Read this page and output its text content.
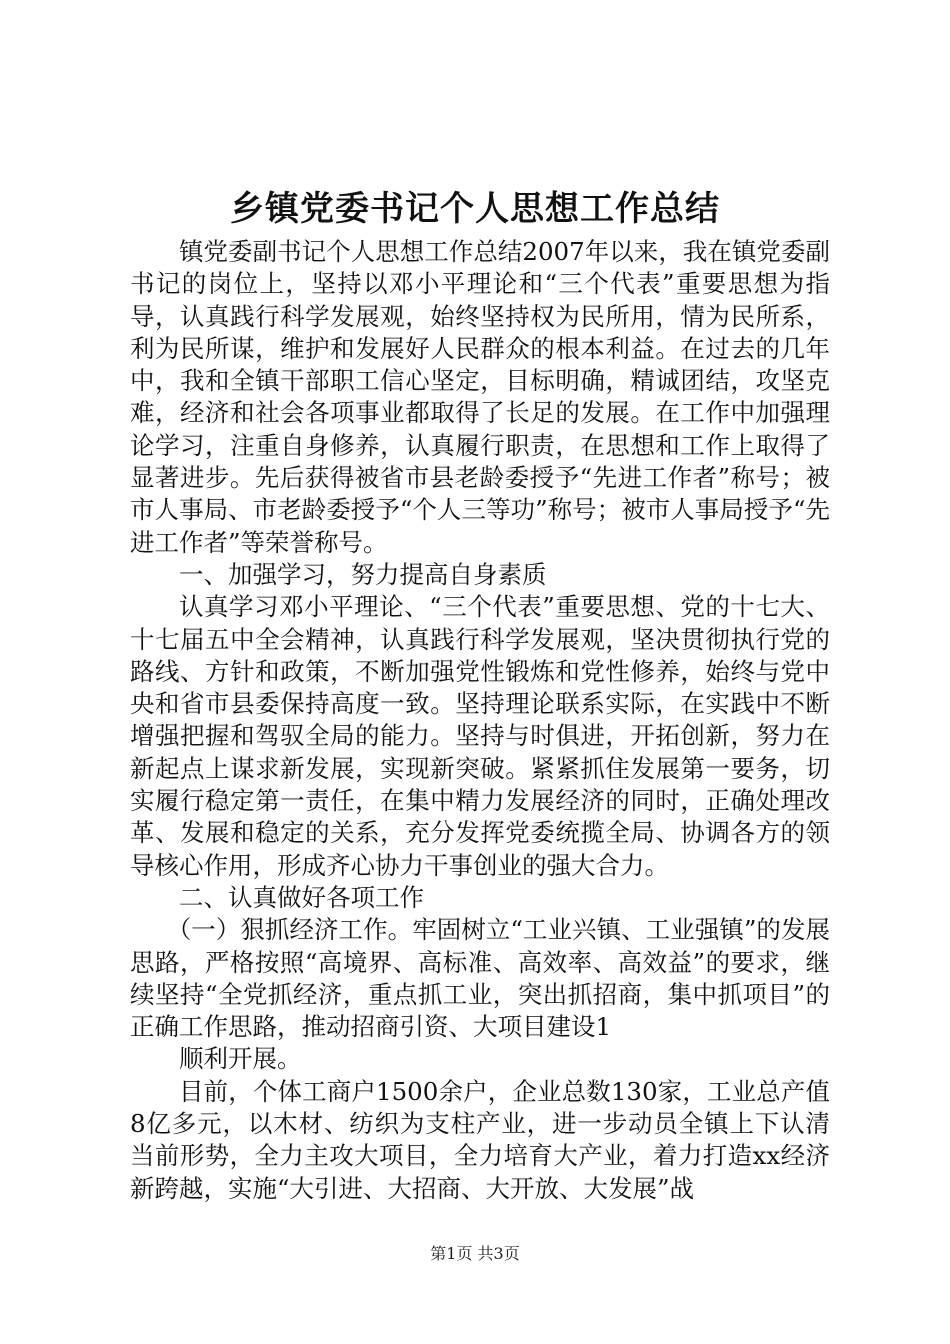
乡镇党委书记个人思想工作总结

镇党委副书记个人思想工作总结2007年以来，我在镇党委副书记的岗位上，坚持以邓小平理论和“三个代表”重要思想为指导，认真践行科学发展观，始终坚持权为民所用，情为民所系，利为民所谋，维护和发展好人民群众的根本利益。在过去的几年中，我和全镇干部职工信心坚定，目标明确，精诚团结，攻坚克难，经济和社会各项事业都取得了长足的发展。在工作中加强理论学习，注重自身修养，认真履行职责，在思想和工作上取得了显著进步。先后获得被省市县老龄委授予“先进工作者”称号；被市人事局、市老龄委授予“个人三等功”称号；被市人事局授予“先进工作者”等荣誉称号。

一、加强学习，努力提高自身素质

认真学习邓小平理论、“三个代表”重要思想、党的十七大、十七届五中全会精神，认真践行科学发展观，坚决贯彻执行党的路线、方针和政策，不断加强党性锻炼和党性修养，始终与党中央和省市县委保持高度一致。坚持理论联系实际，在实践中不断增强把握和驾驭全局的能力。坚持与时俱进，开拓创新，努力在新起点上谋求新发展，实现新突破。紧紧抓住发展第一要务，切实履行稳定第一责任，在集中精力发展经济的同时，正确处理改革、发展和稳定的关系，充分发挥党委统揽全局、协调各方的领导核心作用，形成齐心协力干事创业的强大合力。

二、认真做好各项工作

（一）狠抓经济工作。牢固树立“工业兴镇、工业强镇”的发展思路，严格按照“高境界、高标准、高效率、高效益”的要求，继续坚持“全党抓经济，重点抓工业，突出抓招商，集中抓项目”的正确工作思路，推动招商引资、大项目建设1

顺利开展。

目前，个体工商户1500余户，企业总数130家，工业总产值8亿多元，以木材、纺织为支柱产业，进一步动员全镇上下认清当前形势，全力主攻大项目，全力培育大产业，着力打造xx经济新跨越，实施“大引进、大招商、大开放、大发展”战

第1页 共3页
